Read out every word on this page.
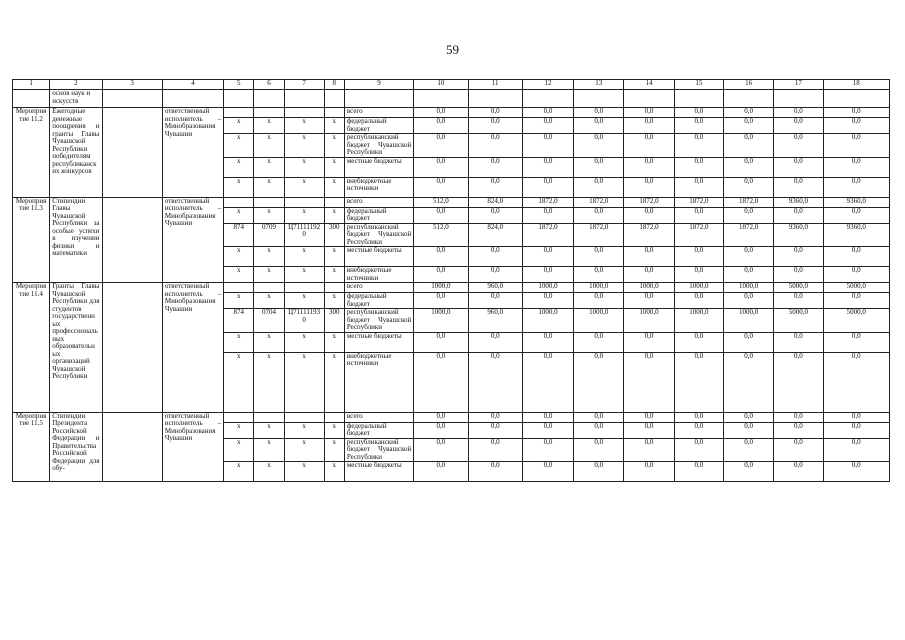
59
1	2	3	4	5	6	7	8	9	10	11	12	13	14	15	16	17	18
	основ наук и искусств																
Мероприятие 11.2	Ежегодные денежные поощрения и гранты Главы Чувашской Республики победителям республиканских конкурсов		ответственный исполнитель – Минобразования Чувашии					всего	0,0	0,0	0,0	0,0	0,0	0,0	0,0	0,0	0,0
				x	x	x	x	федеральный бюджет	0,0	0,0	0,0	0,0	0,0	0,0	0,0	0,0	0,0
				x	x	x	x	республиканский бюджет Чувашской Республики	0,0	0,0	0,0	0,0	0,0	0,0	0,0	0,0	0,0
				x	x	x	x	местные бюджеты	0,0	0,0	0,0	0,0	0,0	0,0	0,0	0,0	0,0
				x	x	x	x	внебюджетные источники	0,0	0,0	0,0	0,0	0,0	0,0	0,0	0,0	0,0
Мероприятие 11.3	Стипендии Главы Чувашской Республики за особые успехи в изучении физики и математики		ответственный исполнитель – Минобразования Чувашии					всего	512,0	824,0	1872,0	1872,0	1872,0	1872,0	1872,0	9360,0	9360,0
				x	x	x	x	федеральный бюджет	0,0	0,0	0,0	0,0	0,0	0,0	0,0	0,0	0,0
				874	0709	Ц711111920	300	республиканский бюджет Чувашской Республики	512,0	824,0	1872,0	1872,0	1872,0	1872,0	1872,0	9360,0	9360,0
				x	x	x	x	местные бюджеты	0,0	0,0	0,0	0,0	0,0	0,0	0,0	0,0	0,0
				x	x	x	x	внебюджетные источники	0,0	0,0	0,0	0,0	0,0	0,0	0,0	0,0	0,0
Мероприятие 11.4	Гранты Главы Чувашской Республики для студентов государственных профессиональных образовательных организаций Чувашской Республики		ответственный исполнитель – Минобразования Чувашии					всего	1000,0	960,0	1000,0	1000,0	1000,0	1000,0	1000,0	5000,0	5000,0
				x	x	x	x	федеральный бюджет	0,0	0,0	0,0	0,0	0,0	0,0	0,0	0,0	0,0
				874	0704	Ц711111930	300	республиканский бюджет Чувашской Республики	1000,0	960,0	1000,0	1000,0	1000,0	1000,0	1000,0	5000,0	5000,0
				x	x	x	x	местные бюджеты	0,0	0,0	0,0	0,0	0,0	0,0	0,0	0,0	0,0
				x	x	x	x	внебюджетные источники	0,0	0,0	0,0	0,0	0,0	0,0	0,0	0,0	0,0
Мероприятие 11.5	Стипендии Президента Российской Федерации и Правительства Российской Федерации для обу-		ответственный исполнитель – Минобразования Чувашии					всего	0,0	0,0	0,0	0,0	0,0	0,0	0,0	0,0	0,0
				x	x	x	x	федеральный бюджет	0,0	0,0	0,0	0,0	0,0	0,0	0,0	0,0	0,0
				x	x	x	x	республиканский бюджет Чувашской Республики	0,0	0,0	0,0	0,0	0,0	0,0	0,0	0,0	0,0
				x	x	x	x	местные бюджеты	0,0	0,0	0,0	0,0	0,0	0,0	0,0	0,0	0,0
